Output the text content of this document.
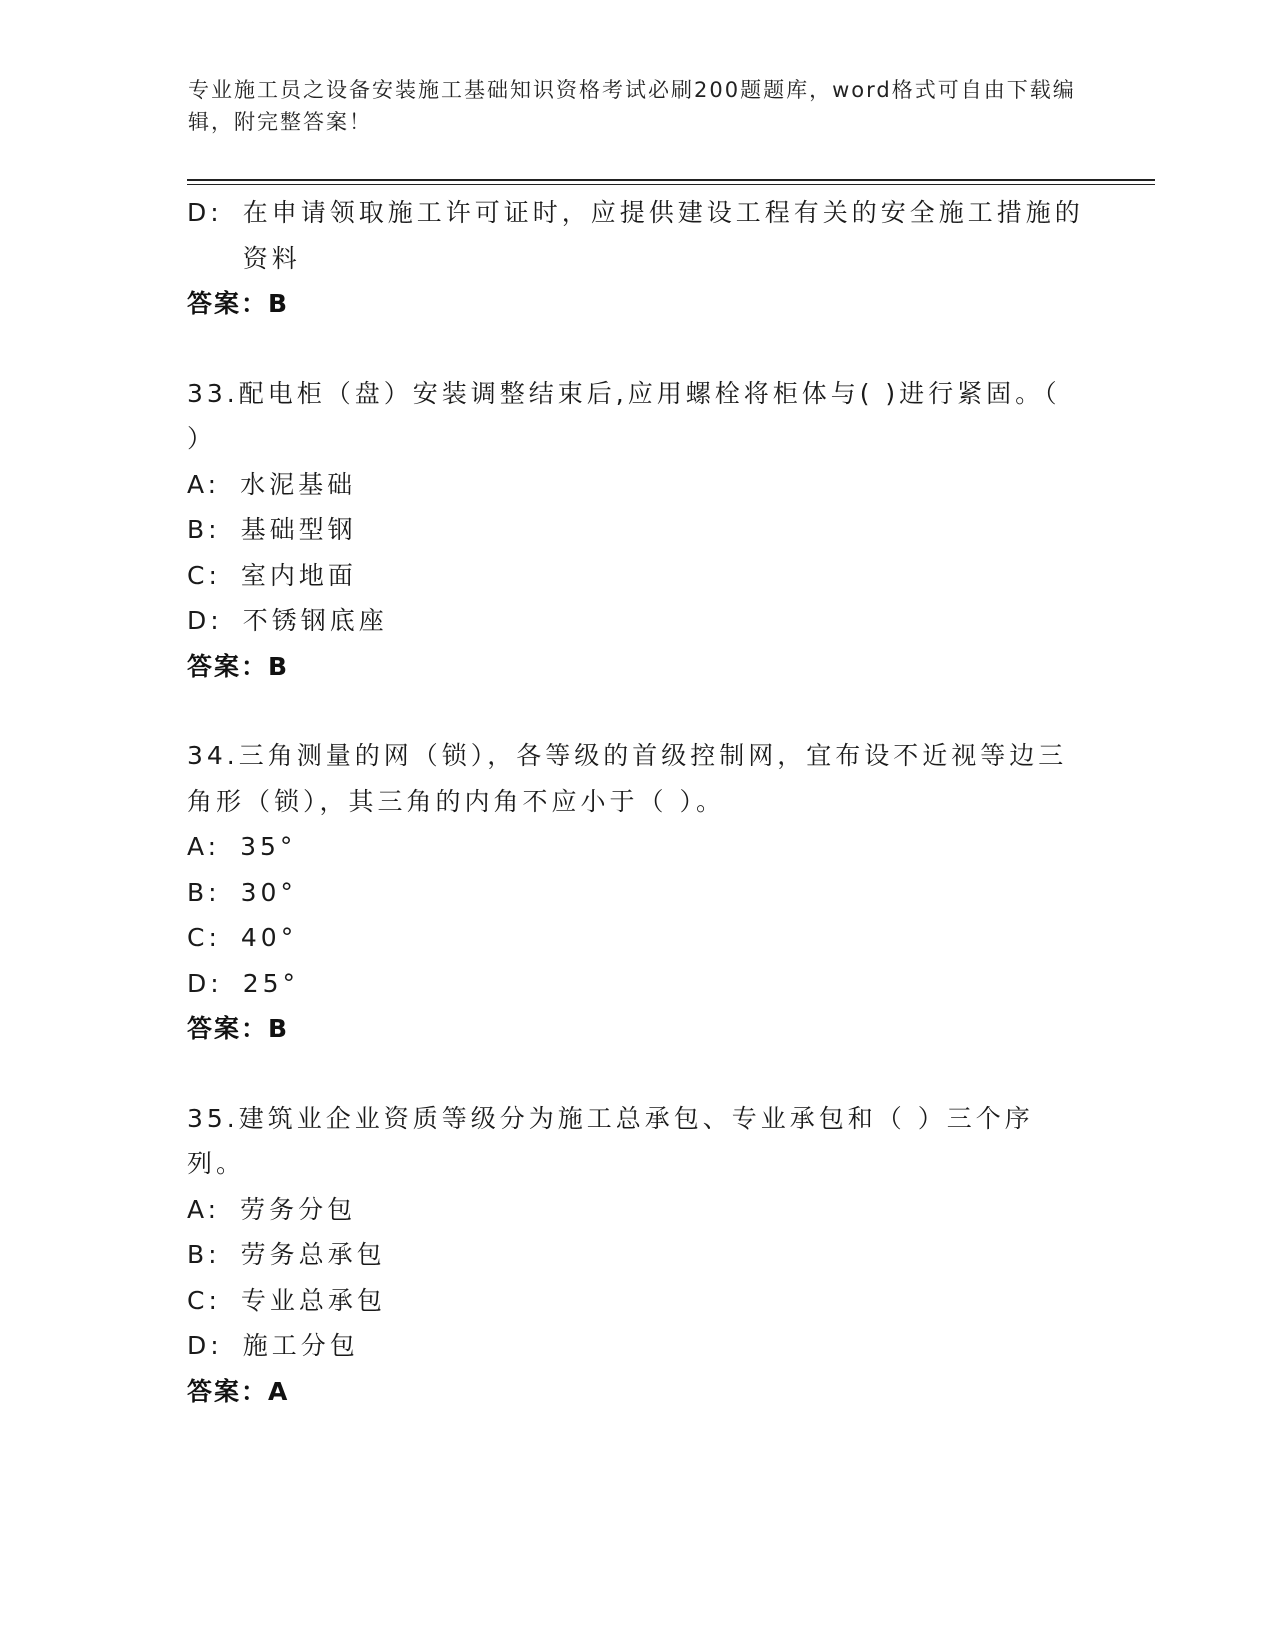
专业施工员之设备安装施工基础知识资格考试必刷200题题库，word格式可自由下载编辑，附完整答案！
D: 在申请领取施工许可证时，应提供建设工程有关的安全施工措施的资料
答案：B
33.配电柜（盘）安装调整结束后,应用螺栓将柜体与( )进行紧固。（ ）
A: 水泥基础
B: 基础型钢
C: 室内地面
D: 不锈钢底座
答案：B
34.三角测量的网（锁），各等级的首级控制网，宜布设不近视等边三角形（锁），其三角的内角不应小于（ ）。
A: 35°
B: 30°
C: 40°
D: 25°
答案：B
35.建筑业企业资质等级分为施工总承包、专业承包和（ ）三个序列。
A: 劳务分包
B: 劳务总承包
C: 专业总承包
D: 施工分包
答案：A
